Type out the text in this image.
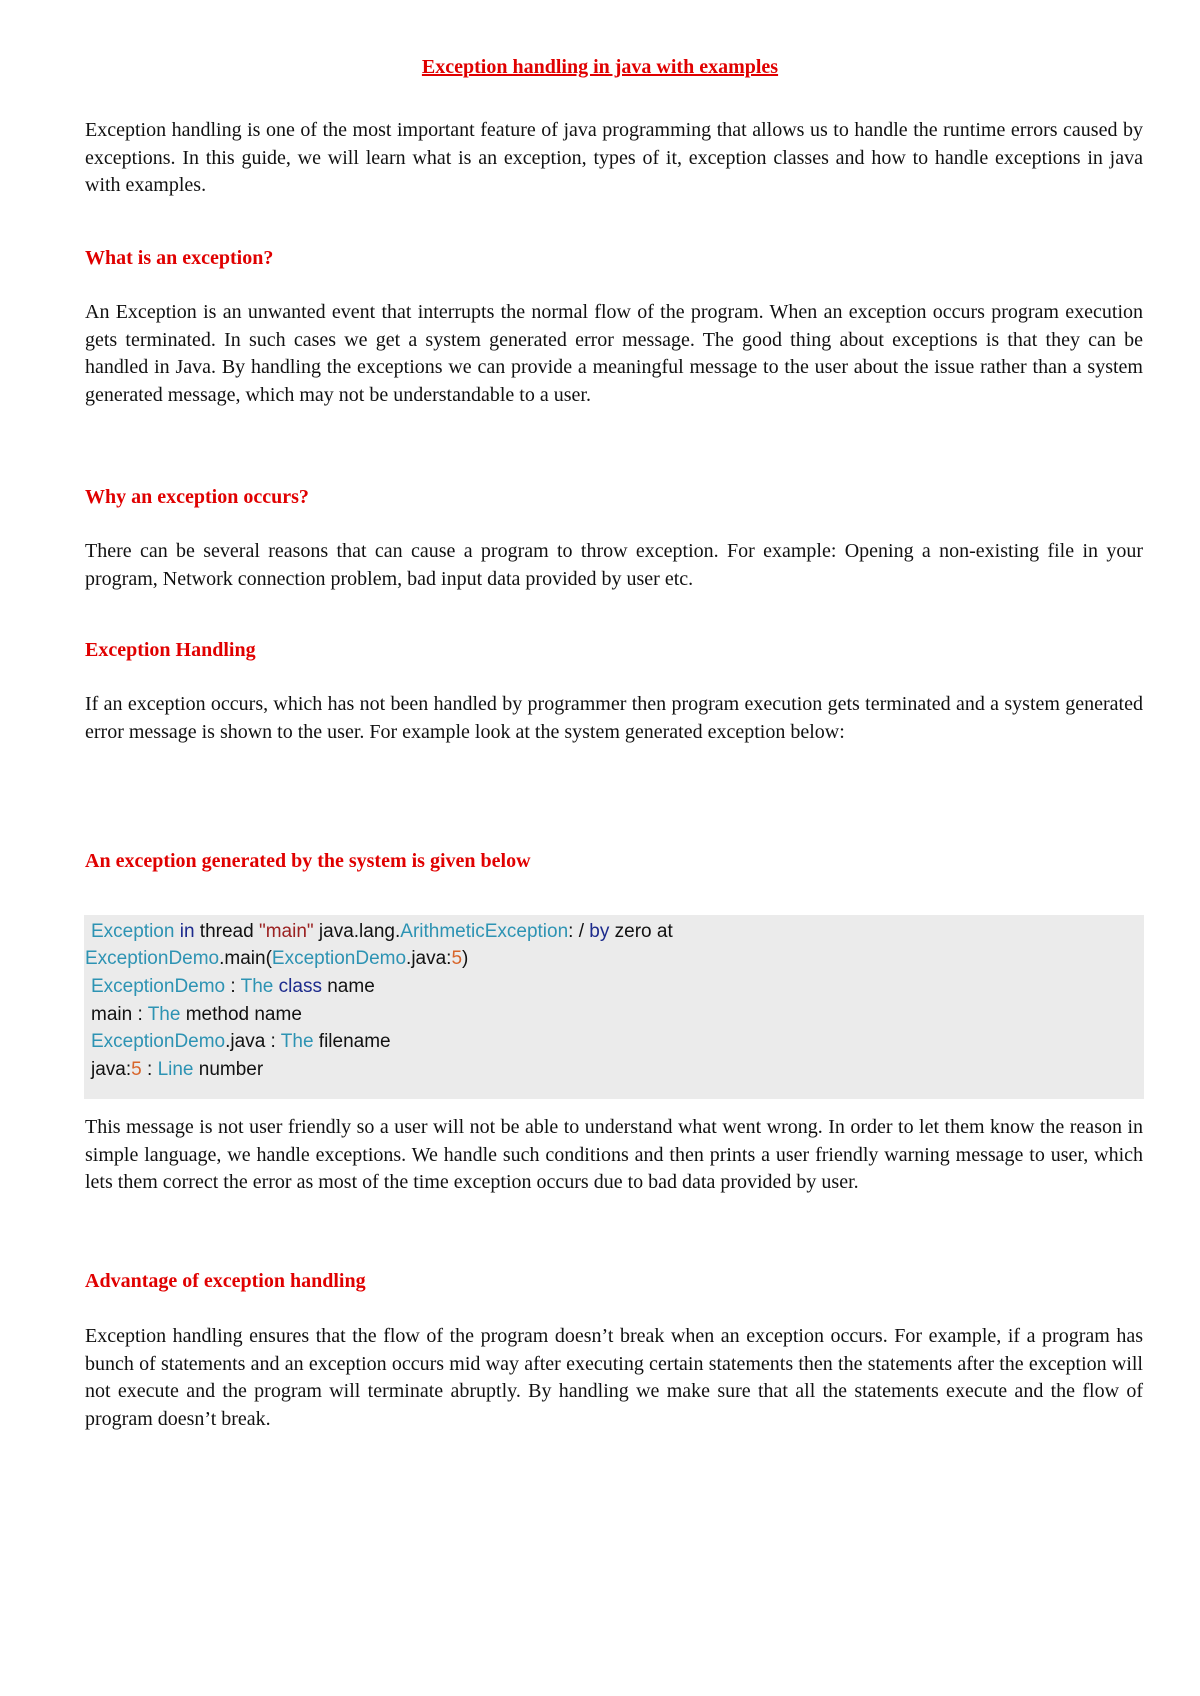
Exception handling in java with examples
Exception handling is one of the most important feature of java programming that allows us to handle the runtime errors caused by exceptions. In this guide, we will learn what is an exception, types of it, exception classes and how to handle exceptions in java with examples.
What is an exception?
An Exception is an unwanted event that interrupts the normal flow of the program. When an exception occurs program execution gets terminated. In such cases we get a system generated error message. The good thing about exceptions is that they can be handled in Java. By handling the exceptions we can provide a meaningful message to the user about the issue rather than a system generated message, which may not be understandable to a user.
Why an exception occurs?
There can be several reasons that can cause a program to throw exception. For example: Opening a non-existing file in your program, Network connection problem, bad input data provided by user etc.
Exception Handling
If an exception occurs, which has not been handled by programmer then program execution gets terminated and a system generated error message is shown to the user. For example look at the system generated exception below:
An exception generated by the system is given below
Exception in thread "main" java.lang.ArithmeticException: / by zero at
ExceptionDemo.main(ExceptionDemo.java:5)
ExceptionDemo : The class name
main : The method name
ExceptionDemo.java : The filename
java:5 : Line number
This message is not user friendly so a user will not be able to understand what went wrong. In order to let them know the reason in simple language, we handle exceptions. We handle such conditions and then prints a user friendly warning message to user, which lets them correct the error as most of the time exception occurs due to bad data provided by user.
Advantage of exception handling
Exception handling ensures that the flow of the program doesn’t break when an exception occurs. For example, if a program has bunch of statements and an exception occurs mid way after executing certain statements then the statements after the exception will not execute and the program will terminate abruptly. By handling we make sure that all the statements execute and the flow of program doesn’t break.
